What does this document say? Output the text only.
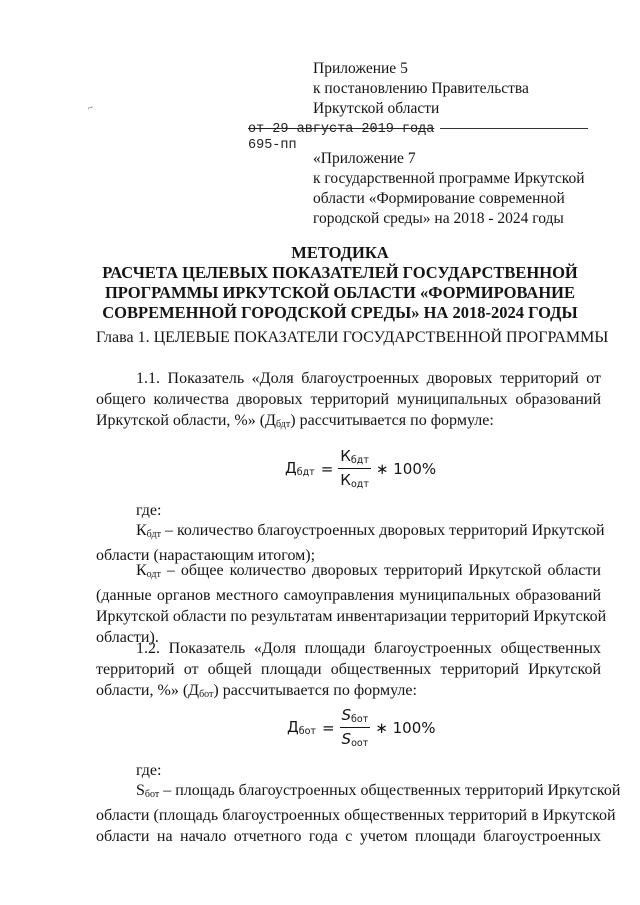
~
Приложение 5
к постановлению Правительства
Иркутской области
от 29 августа 2019 года
695-пп
«Приложение 7
к государственной программе Иркутской
области «Формирование современной
городской среды» на 2018 - 2024 годы
МЕТОДИКА
РАСЧЕТА ЦЕЛЕВЫХ ПОКАЗАТЕЛЕЙ ГОСУДАРСТВЕННОЙ
ПРОГРАММЫ ИРКУТСКОЙ ОБЛАСТИ «ФОРМИРОВАНИЕ
СОВРЕМЕННОЙ ГОРОДСКОЙ СРЕДЫ» НА 2018-2024 ГОДЫ
Глава 1. ЦЕЛЕВЫЕ ПОКАЗАТЕЛИ ГОСУДАРСТВЕННОЙ ПРОГРАММЫ
1.1. Показатель «Доля благоустроенных дворовых территорий от
общего количества дворовых территорий муниципальных образований
Иркутской области, %» $(Д_{бдт})$ рассчитывается по формуле:
$Д_{бдт} = \frac{К_{бдт}}{К_{одт}}$ ∗ 100%
где:
$К_{бдт}$ – количество благоустроенных дворовых территорий Иркутской
области (нарастающим итогом);
$К_{одт}$ – общее количество дворовых территорий Иркутской области
(данные органов местного самоуправления муниципальных образований
Иркутской области по результатам инвентаризации территорий Иркутской
области).
1.2. Показатель «Доля площади благоустроенных общественных
территорий от общей площади общественных территорий Иркутской
области, %» $(Д_{бот})$ рассчитывается по формуле:
$Д_{бот} = \frac{S_{бот}}{S_{оот}}$ ∗ 100%
где:
$S_{бот}$ – площадь благоустроенных общественных территорий Иркутской
области (площадь благоустроенных общественных территорий в Иркутской
области на начало отчетного года с учетом площади благоустроенных
